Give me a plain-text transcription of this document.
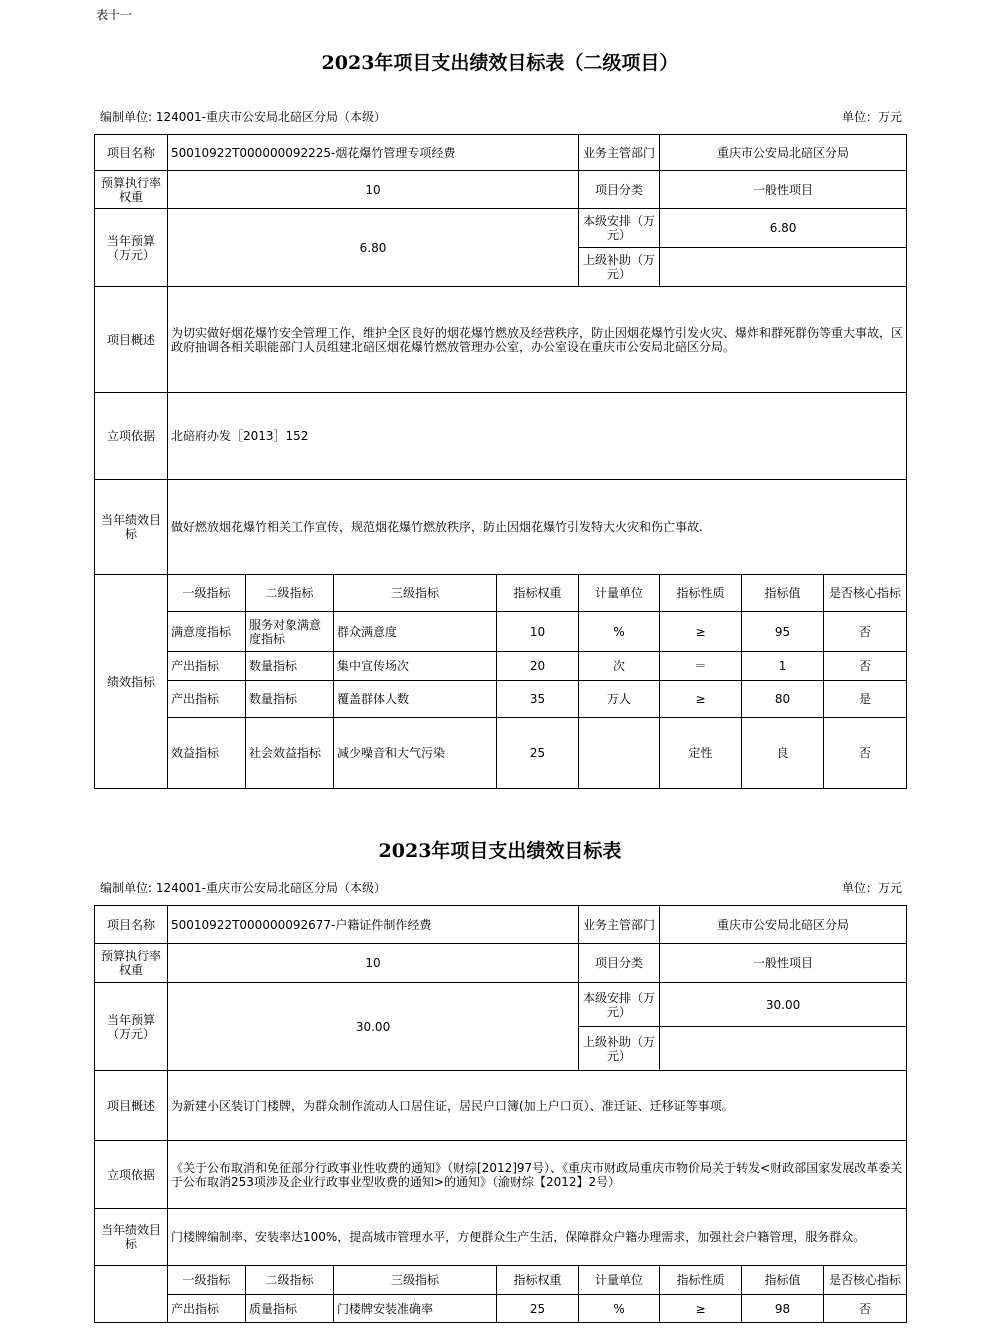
表十一
2023年项目支出绩效目标表（二级项目）
编制单位: 124001-重庆市公安局北碚区分局（本级）	单位：万元
项目名称	50010922T000000092225-烟花爆竹管理专项经费				业务主管部门	重庆市公安局北碚区分局		
预算执行率权重	10				项目分类	一般性项目		
当年预算（万元）	6.80				本级安排（万元）	6.80		
					上级补助（万元）			
项目概述	为切实做好烟花爆竹安全管理工作，维护全区良好的烟花爆竹燃放及经营秩序，防止因烟花爆竹引发火灾、爆炸和群死群伤等重大事故，区政府抽调各相关职能部门人员组建北碚区烟花爆竹燃放管理办公室，办公室设在重庆市公安局北碚区分局。							
立项依据	北碚府办发［2013］152							
当年绩效目标	做好燃放烟花爆竹相关工作宣传，规范烟花爆竹燃放秩序，防止因烟花爆竹引发特大火灾和伤亡事故.							
绩效指标	一级指标	二级指标	三级指标	指标权重	计量单位	指标性质	指标值	是否核心指标
	满意度指标	服务对象满意度指标	群众满意度	10	%	≥	95	否
	产出指标	数量指标	集中宣传场次	20	次	＝	1	否
	产出指标	数量指标	覆盖群体人数	35	万人	≥	80	是
	效益指标	社会效益指标	减少噪音和大气污染	25		定性	良	否
2023年项目支出绩效目标表
编制单位: 124001-重庆市公安局北碚区分局（本级）	单位：万元
项目名称	50010922T000000092677-户籍证件制作经费				业务主管部门	重庆市公安局北碚区分局		
预算执行率权重	10				项目分类	一般性项目		
当年预算（万元）	30.00				本级安排（万元）	30.00		
					上级补助（万元）			
项目概述	为新建小区装订门楼牌，为群众制作流动人口居住证，居民户口簿(加上户口页）、准迁证、迁移证等事项。							
立项依据	《关于公布取消和免征部分行政事业性收费的通知》（财综[2012]97号）、《重庆市财政局重庆市物价局关于转发<财政部国家发展改革委关于公布取消253项涉及企业行政事业型收费的通知>的通知》（渝财综【2012】2号）							
当年绩效目标	门楼牌编制率、安装率达100%，提高城市管理水平，方便群众生产生活，保障群众户籍办理需求，加强社会户籍管理，服务群众。							
	一级指标	二级指标	三级指标	指标权重	计量单位	指标性质	指标值	是否核心指标
	产出指标	质量指标	门楼牌安装准确率	25	%	≥	98	否
